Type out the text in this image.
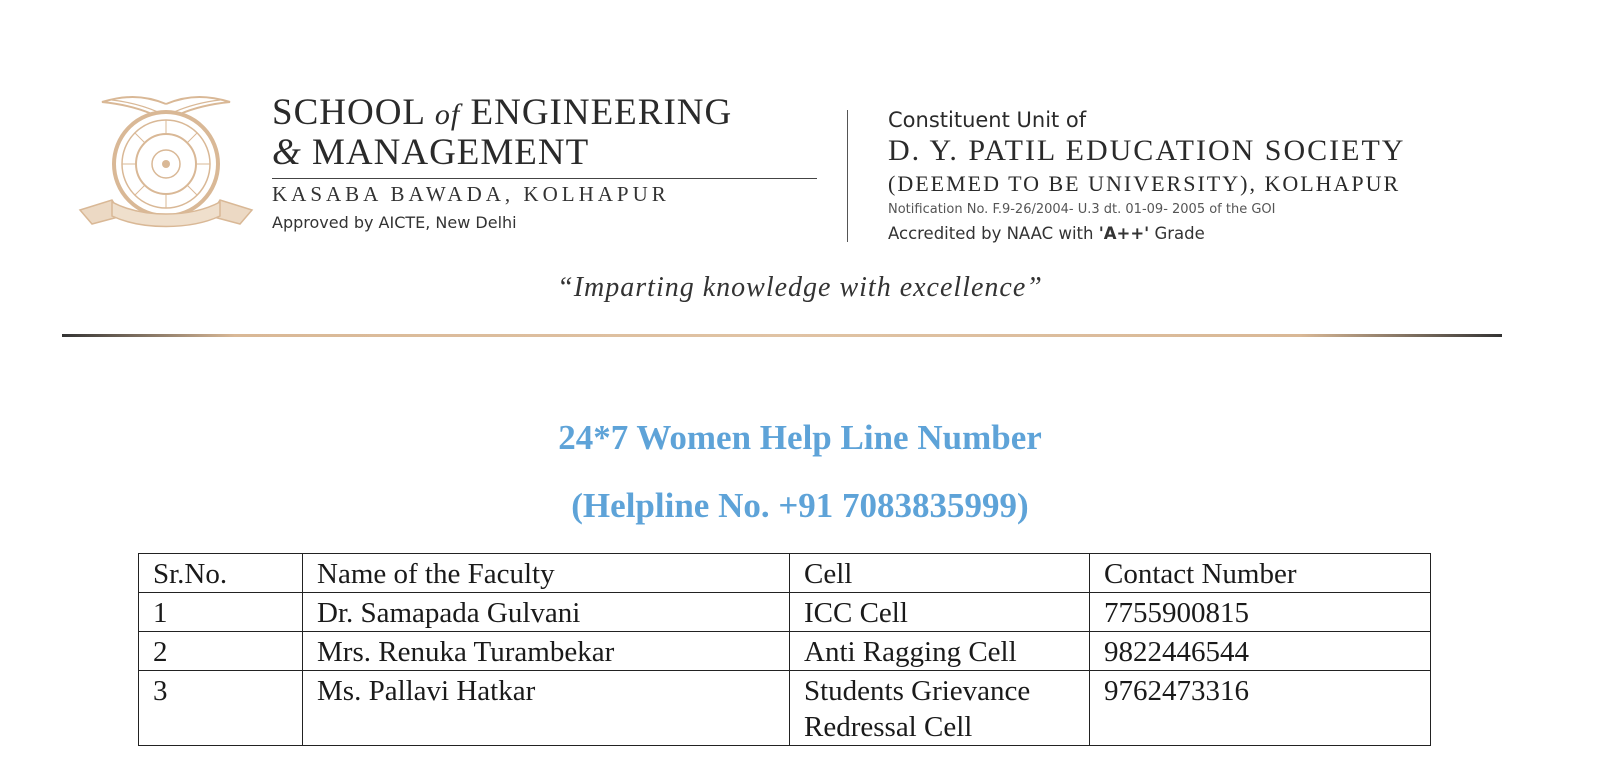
SCHOOL of ENGINEERING
& MANAGEMENT
KASABA BAWADA, KOLHAPUR
Approved by AICTE, New Delhi
Constituent Unit of
D. Y. PATIL EDUCATION SOCIETY
(DEEMED TO BE UNIVERSITY), KOLHAPUR
Notification No. F.9-26/2004- U.3 dt. 01-09- 2005 of the GOI
Accredited by NAAC with 'A++' Grade
“Imparting knowledge with excellence”
24*7 Women Help Line Number
(Helpline No. +91 7083835999)
Sr.No.	Name of the Faculty	Cell	Contact Number
1	Dr. Samapada Gulvani	ICC Cell	7755900815
2	Mrs. Renuka Turambekar	Anti Ragging Cell	9822446544
3	Ms. Pallavi Hatkar	Students Grievance Redressal Cell	9762473316
